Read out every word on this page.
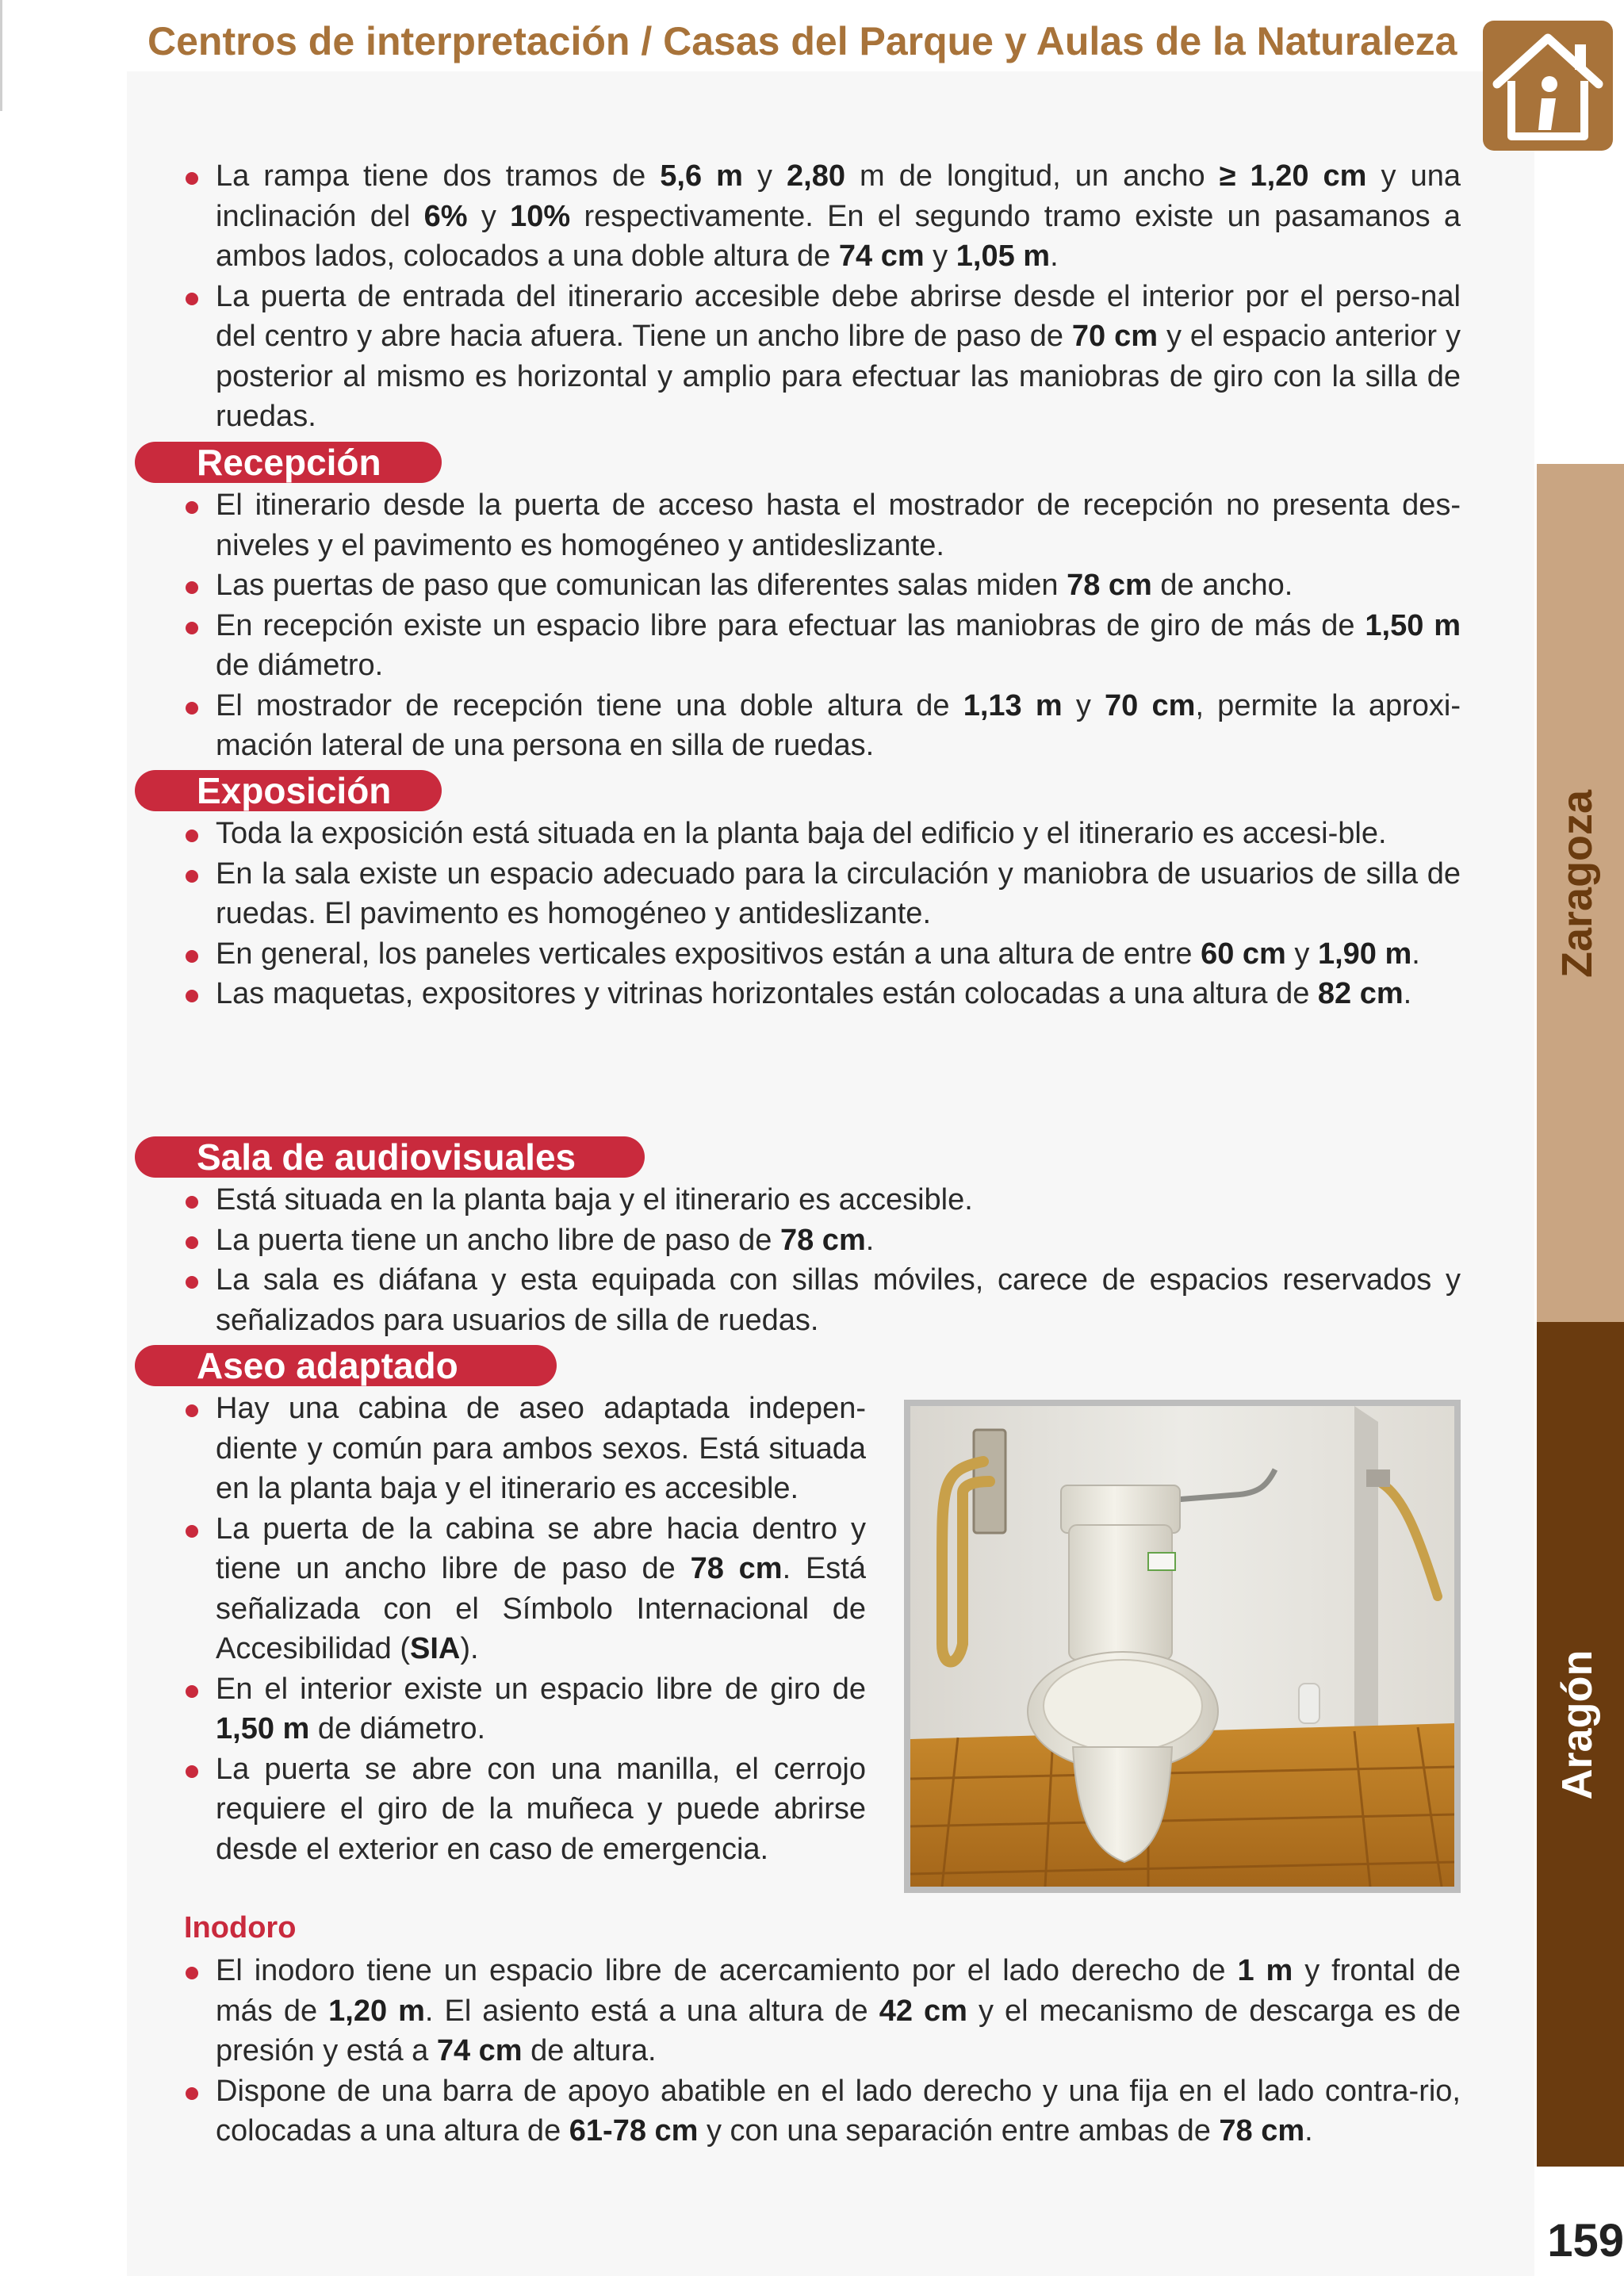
Centros de interpretación / Casas del Parque y Aulas de la Naturaleza
Zaragoza
Aragón
159
La rampa tiene dos tramos de 5,6 m y 2,80 m de longitud, un ancho ≥ 1,20 cm y una inclinación del 6% y 10% respectivamente. En el segundo tramo existe un pasamanos a ambos lados, colocados a una doble altura de 74 cm y 1,05 m.
La puerta de entrada del itinerario accesible debe abrirse desde el interior por el perso-nal del centro y abre hacia afuera. Tiene un ancho libre de paso de 70 cm y el espacio anterior y posterior al mismo es horizontal y amplio para efectuar las maniobras de giro con la silla de ruedas.
Recepción
El itinerario desde la puerta de acceso hasta el mostrador de recepción no presenta des-niveles y el pavimento es homogéneo y antideslizante.
Las puertas de paso que comunican las diferentes salas miden 78 cm de ancho.
En recepción existe un espacio libre para efectuar las maniobras de giro de más de 1,50 m de diámetro.
El mostrador de recepción tiene una doble altura de 1,13 m y 70 cm, permite la aproxi-mación lateral de una persona en silla de ruedas.
Exposición
Toda la exposición está situada en la planta baja del edificio y el itinerario es accesi-ble.
En la sala existe un espacio adecuado para la circulación y maniobra de usuarios de silla de ruedas. El pavimento es homogéneo y antideslizante.
En general, los paneles verticales expositivos están a una altura de entre 60 cm y 1,90 m.
Las maquetas, expositores y vitrinas horizontales están colocadas a una altura de 82 cm.
Sala de audiovisuales
Está situada en la planta baja y el itinerario es accesible.
La puerta tiene un ancho libre de paso de 78 cm.
La sala es diáfana y esta equipada con sillas móviles, carece de espacios reservados y señalizados para usuarios de silla de ruedas.
Aseo adaptado
Hay una cabina de aseo adaptada indepen-diente y común para ambos sexos. Está situada en la planta baja y el itinerario es accesible.
La puerta de la cabina se abre hacia dentro y tiene un ancho libre de paso de 78 cm. Está señalizada con el Símbolo Internacional de Accesibilidad (SIA).
En el interior existe un espacio libre de giro de 1,50 m de diámetro.
La puerta se abre con una manilla, el cerrojo requiere el giro de la muñeca y puede abrirse desde el exterior en caso de emergencia.
Inodoro
El inodoro tiene un espacio libre de acercamiento por el lado derecho de 1 m y frontal de más de 1,20 m. El asiento está a una altura de 42 cm y el mecanismo de descarga es de presión y está a 74 cm de altura.
Dispone de una barra de apoyo abatible en el lado derecho y una fija en el lado contra-rio, colocadas a una altura de 61-78 cm y con una separación entre ambas de 78 cm.
